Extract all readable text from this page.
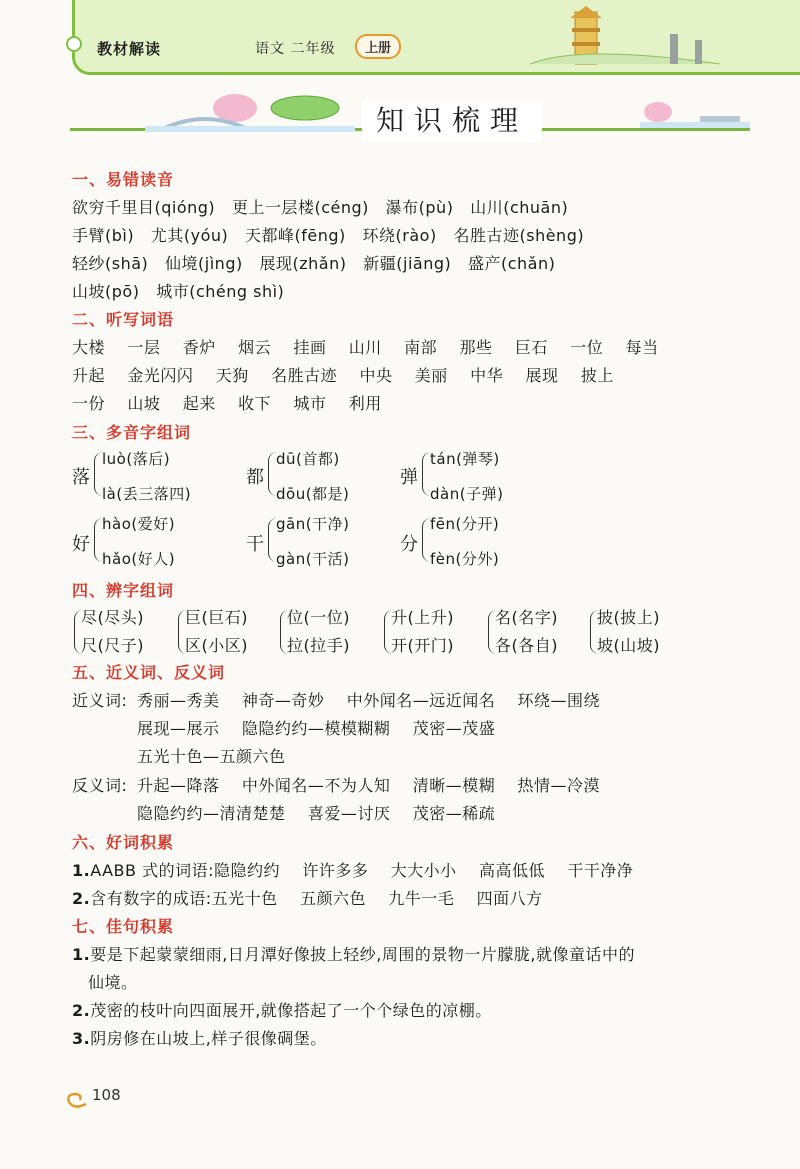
教材解读	语文 二年级	上册
知识梳理
一、易错读音
欲穷千里目(qióng) 更上一层楼(céng) 瀑布(pù) 山川(chuān)
手臂(bì) 尤其(yóu) 天都峰(fēng) 环绕(rào) 名胜古迹(shèng)
轻纱(shā) 仙境(jìng) 展现(zhǎn) 新疆(jiāng) 盛产(chǎn)
山坡(pō) 城市(chéng shì)
二、听写词语
大楼 一层 香炉 烟云 挂画 山川 南部 那些 巨石 一位 每当
升起 金光闪闪 天狗 名胜古迹 中央 美丽 中华 展现 披上
一份 山坡 起来 收下 城市 利用
三、多音字组词
落
luò(落后)
là(丢三落四)
都
dū(首都)
dōu(都是)
弹
tán(弹琴)
dàn(子弹)
好
hào(爱好)
hǎo(好人)
干
gān(干净)
gàn(干活)
分
fēn(分开)
fèn(分外)
四、辨字组词
尽(尽头)
尺(尺子)
巨(巨石)
区(小区)
位(一位)
拉(拉手)
升(上升)
开(开门)
名(名字)
各(各自)
披(披上)
坡(山坡)
五、近义词、反义词
近义词: 秀丽—秀美    神奇—奇妙    中外闻名—远近闻名    环绕—围绕
展现—展示    隐隐约约—模模糊糊    茂密—茂盛
五光十色—五颜六色
反义词: 升起—降落    中外闻名—不为人知    清晰—模糊    热情—冷漠
隐隐约约—清清楚楚    喜爱—讨厌    茂密—稀疏
六、好词积累
1.AABB 式的词语:隐隐约约    许许多多    大大小小    高高低低    干干净净
2.含有数字的成语:五光十色    五颜六色    九牛一毛    四面八方
七、佳句积累
1.要是下起蒙蒙细雨,日月潭好像披上轻纱,周围的景物一片朦胧,就像童话中的
仙境。
2.茂密的枝叶向四面展开,就像搭起了一个个绿色的凉棚。
3.阴房修在山坡上,样子很像碉堡。
108
